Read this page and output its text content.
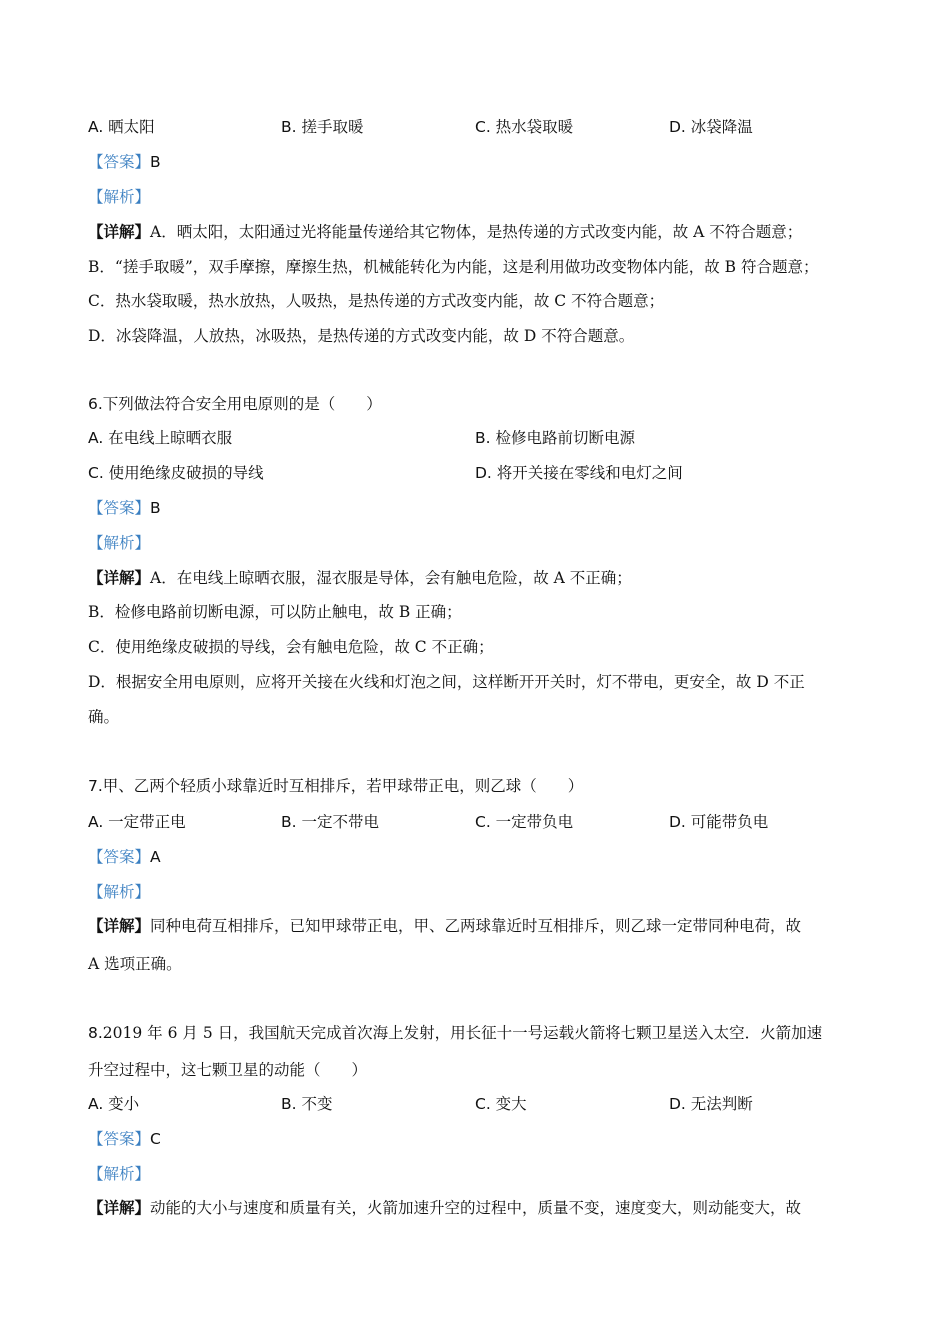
A. 晒太阳	B. 搓手取暖	C. 热水袋取暖	D. 冰袋降温
【答案】B
【解析】
【详解】A．晒太阳，太阳通过光将能量传递给其它物体，是热传递的方式改变内能，故 A 不符合题意；
B．“搓手取暖”，双手摩擦，摩擦生热，机械能转化为内能，这是利用做功改变物体内能，故 B 符合题意；
C．热水袋取暖，热水放热，人吸热，是热传递的方式改变内能，故 C 不符合题意；
D．冰袋降温，人放热，冰吸热，是热传递的方式改变内能，故 D 不符合题意。
6.下列做法符合安全用电原则的是（　　）
A. 在电线上晾晒衣服	B. 检修电路前切断电源
C. 使用绝缘皮破损的导线	D. 将开关接在零线和电灯之间
【答案】B
【解析】
【详解】A．在电线上晾晒衣服，湿衣服是导体，会有触电危险，故 A 不正确；
B．检修电路前切断电源，可以防止触电，故 B 正确；
C．使用绝缘皮破损的导线，会有触电危险，故 C 不正确；
D．根据安全用电原则，应将开关接在火线和灯泡之间，这样断开开关时，灯不带电，更安全，故 D 不正
确。
7.甲、乙两个轻质小球靠近时互相排斥，若甲球带正电，则乙球（　　）
A. 一定带正电	B. 一定不带电	C. 一定带负电	D. 可能带负电
【答案】A
【解析】
【详解】同种电荷互相排斥，已知甲球带正电，甲、乙两球靠近时互相排斥，则乙球一定带同种电荷，故
A 选项正确。
8.2019 年 6 月 5 日，我国航天完成首次海上发射，用长征十一号运载火箭将七颗卫星送入太空．火箭加速
升空过程中，这七颗卫星的动能（　　）
A. 变小	B. 不变	C. 变大	D. 无法判断
【答案】C
【解析】
【详解】动能的大小与速度和质量有关，火箭加速升空的过程中，质量不变，速度变大，则动能变大，故
